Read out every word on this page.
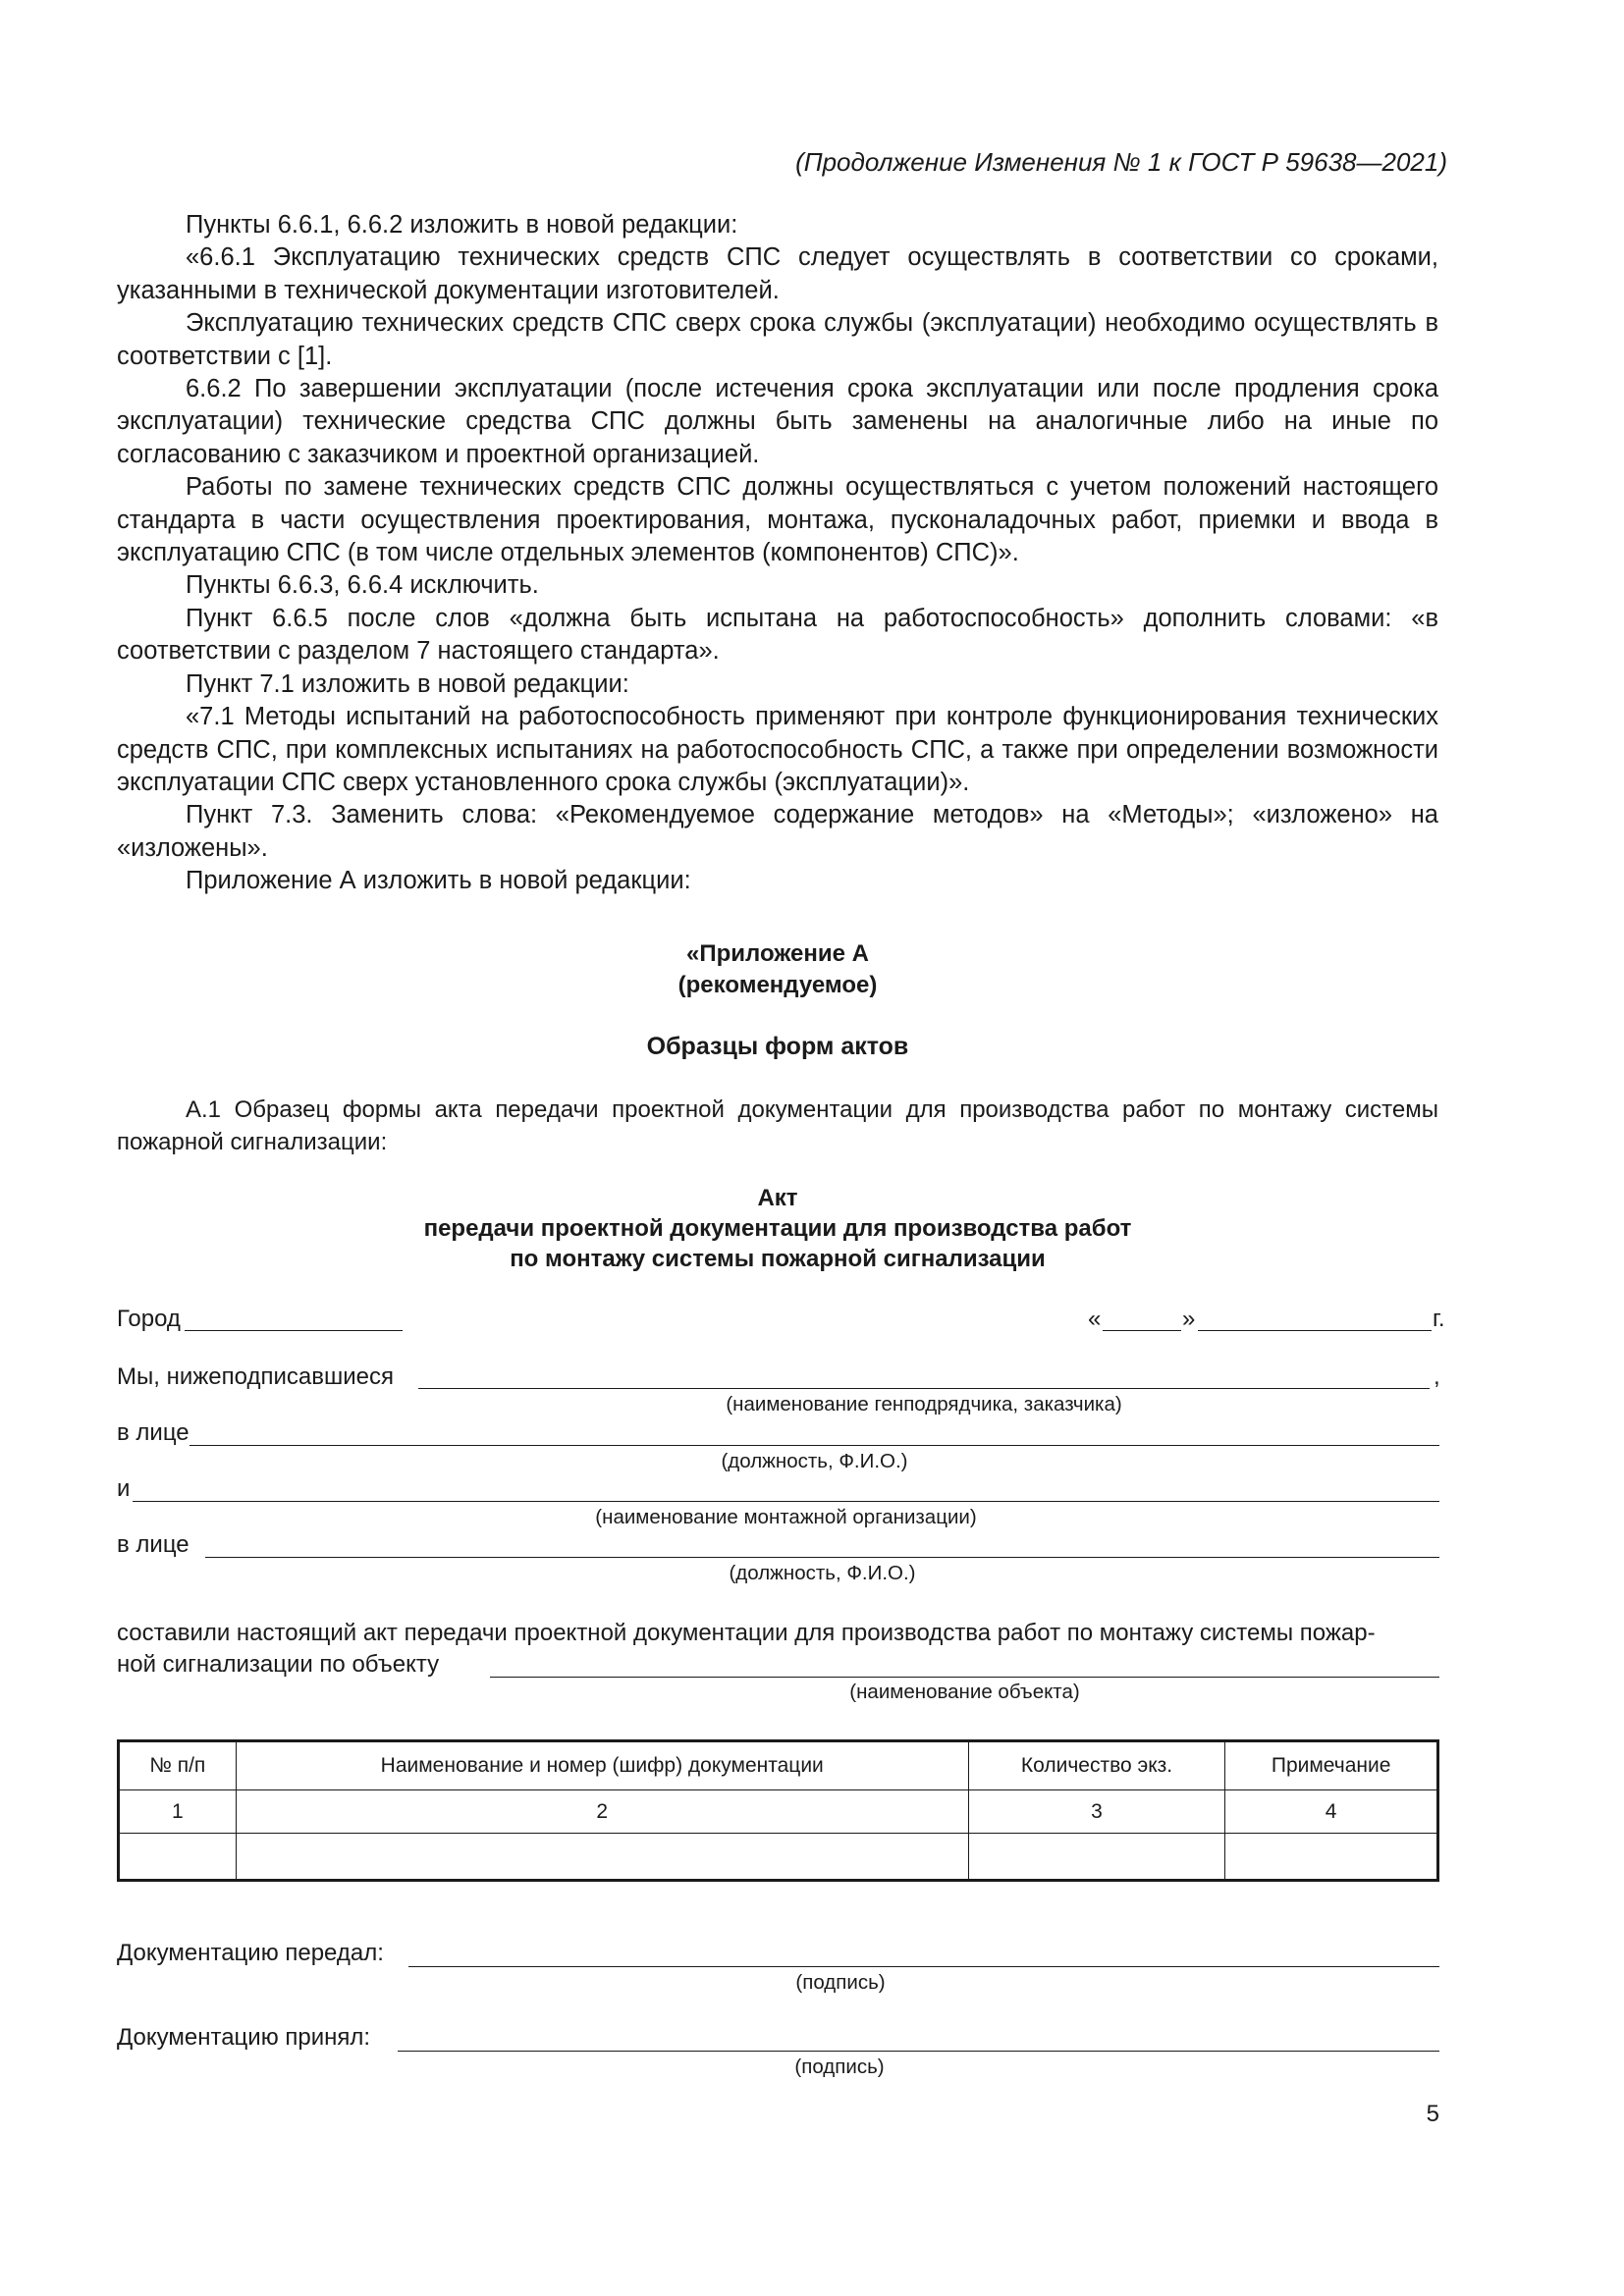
(Продолжение Изменения № 1 к ГОСТ Р 59638—2021)

Пункты 6.6.1, 6.6.2 изложить в новой редакции:

«6.6.1 Эксплуатацию технических средств СПС следует осуществлять в соответствии со сроками, указанными в технической документации изготовителей.

Эксплуатацию технических средств СПС сверх срока службы (эксплуатации) необходимо осуществлять в соответствии с [1].

6.6.2 По завершении эксплуатации (после истечения срока эксплуатации или после продления срока эксплуатации) технические средства СПС должны быть заменены на аналогичные либо на иные по согласованию с заказчиком и проектной организацией.

Работы по замене технических средств СПС должны осуществляться с учетом положений настоящего стандарта в части осуществления проектирования, монтажа, пусконаладочных работ, приемки и ввода в эксплуатацию СПС (в том числе отдельных элементов (компонентов) СПС)».

Пункты 6.6.3, 6.6.4 исключить.

Пункт 6.6.5 после слов «должна быть испытана на работоспособность» дополнить словами: «в соответствии с разделом 7 настоящего стандарта».

Пункт 7.1 изложить в новой редакции:

«7.1 Методы испытаний на работоспособность применяют при контроле функционирования технических средств СПС, при комплексных испытаниях на работоспособность СПС, а также при определении возможности эксплуатации СПС сверх установленного срока службы (эксплуатации)».

Пункт 7.3. Заменить слова: «Рекомендуемое содержание методов» на «Методы»; «изложено» на «изложены».

Приложение А изложить в новой редакции:

«Приложение А
(рекомендуемое)
Образцы форм актов

А.1 Образец формы акта передачи проектной документации для производства работ по монтажу системы пожарной сигнализации:

Акт
передачи проектной документации для производства работ
по монтажу системы пожарной сигнализации
Город	«	»	г.
Мы, нижеподписавшиеся	,
(наименование генподрядчика, заказчика)
в лице
(должность, Ф.И.О.)
и
(наименование монтажной организации)
в лице
(должность, Ф.И.О.)
составили настоящий акт передачи проектной документации для производства работ по монтажу системы пожар-
ной сигнализации по объекту
(наименование объекта)
№ п/п	Наименование и номер (шифр) документации	Количество экз.	Примечание
1	2	3	4

Документацию передал:
(подпись)
Документацию принял:
(подпись)
5
